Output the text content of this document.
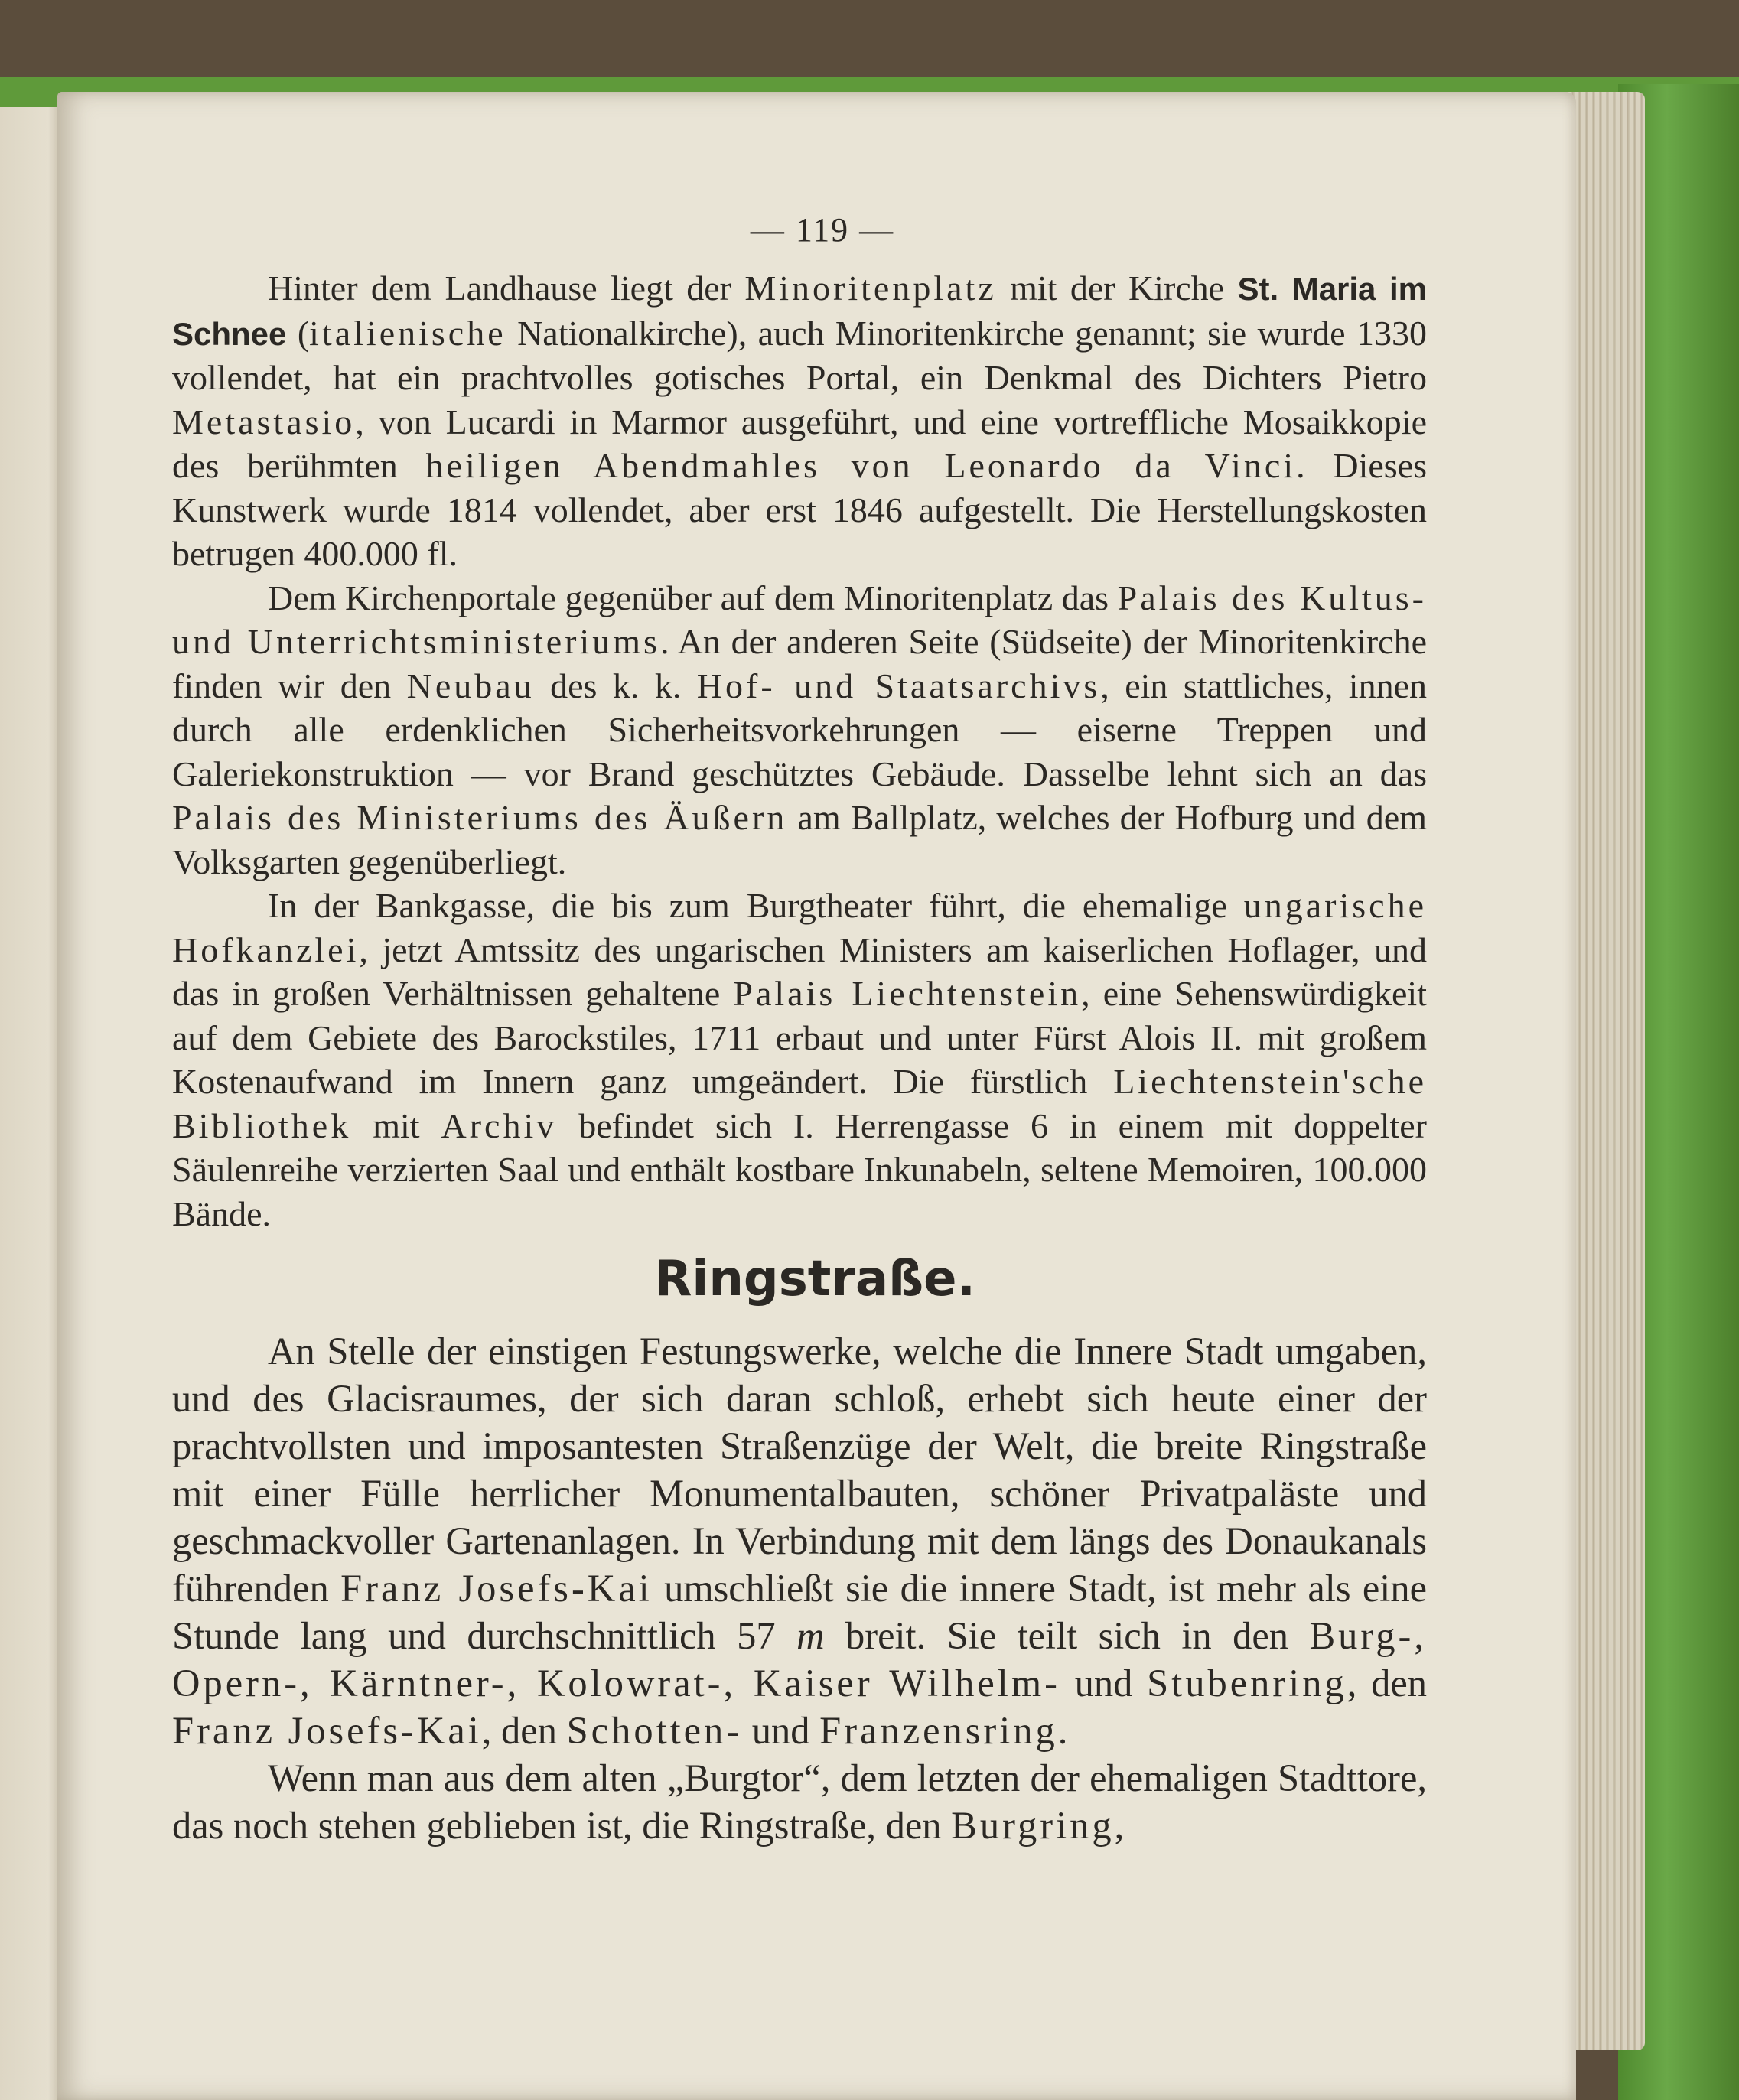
— 119 —

Hinter dem Landhause liegt der Minoritenplatz mit der Kirche St. Maria im Schnee (italienische Nationalkirche), auch Minoritenkirche genannt; sie wurde 1330 vollendet, hat ein prachtvolles gotisches Portal, ein Denkmal des Dichters Pietro Metastasio, von Lucardi in Marmor ausgeführt, und eine vortreffliche Mosaikkopie des berühmten heiligen Abendmahles von Leonardo da Vinci. Dieses Kunstwerk wurde 1814 vollendet, aber erst 1846 aufgestellt. Die Herstellungskosten betrugen 400.000 fl.

Dem Kirchenportale gegenüber auf dem Minoritenplatz das Palais des Kultus- und Unterrichtsministeriums. An der anderen Seite (Südseite) der Minoritenkirche finden wir den Neubau des k. k. Hof- und Staatsarchivs, ein stattliches, innen durch alle erdenklichen Sicherheitsvorkehrungen — eiserne Treppen und Galeriekonstruktion — vor Brand geschütztes Gebäude. Dasselbe lehnt sich an das Palais des Ministeriums des Äußern am Ballplatz, welches der Hofburg und dem Volksgarten gegenüberliegt.

In der Bankgasse, die bis zum Burgtheater führt, die ehemalige ungarische Hofkanzlei, jetzt Amtssitz des ungarischen Ministers am kaiserlichen Hoflager, und das in großen Verhältnissen gehaltene Palais Liechtenstein, eine Sehenswürdigkeit auf dem Gebiete des Barockstiles, 1711 erbaut und unter Fürst Alois II. mit großem Kostenaufwand im Innern ganz umgeändert. Die fürstlich Liechtenstein'sche Bibliothek mit Archiv befindet sich I. Herrengasse 6 in einem mit doppelter Säulenreihe verzierten Saal und enthält kostbare Inkunabeln, seltene Memoiren, 100.000 Bände.

Ringstraße.

An Stelle der einstigen Festungswerke, welche die Innere Stadt umgaben, und des Glacisraumes, der sich daran schloß, erhebt sich heute einer der prachtvollsten und imposantesten Straßenzüge der Welt, die breite Ringstraße mit einer Fülle herrlicher Monumentalbauten, schöner Privatpaläste und geschmackvoller Gartenanlagen. In Verbindung mit dem längs des Donaukanals führenden Franz Josefs-Kai umschließt sie die innere Stadt, ist mehr als eine Stunde lang und durchschnittlich 57 m breit. Sie teilt sich in den Burg-, Opern-, Kärntner-, Kolowrat-, Kaiser Wilhelm- und Stubenring, den Franz Josefs-Kai, den Schotten- und Franzensring.

Wenn man aus dem alten „Burgtor“, dem letzten der ehemaligen Stadttore, das noch stehen geblieben ist, die Ringstraße, den Burgring,
